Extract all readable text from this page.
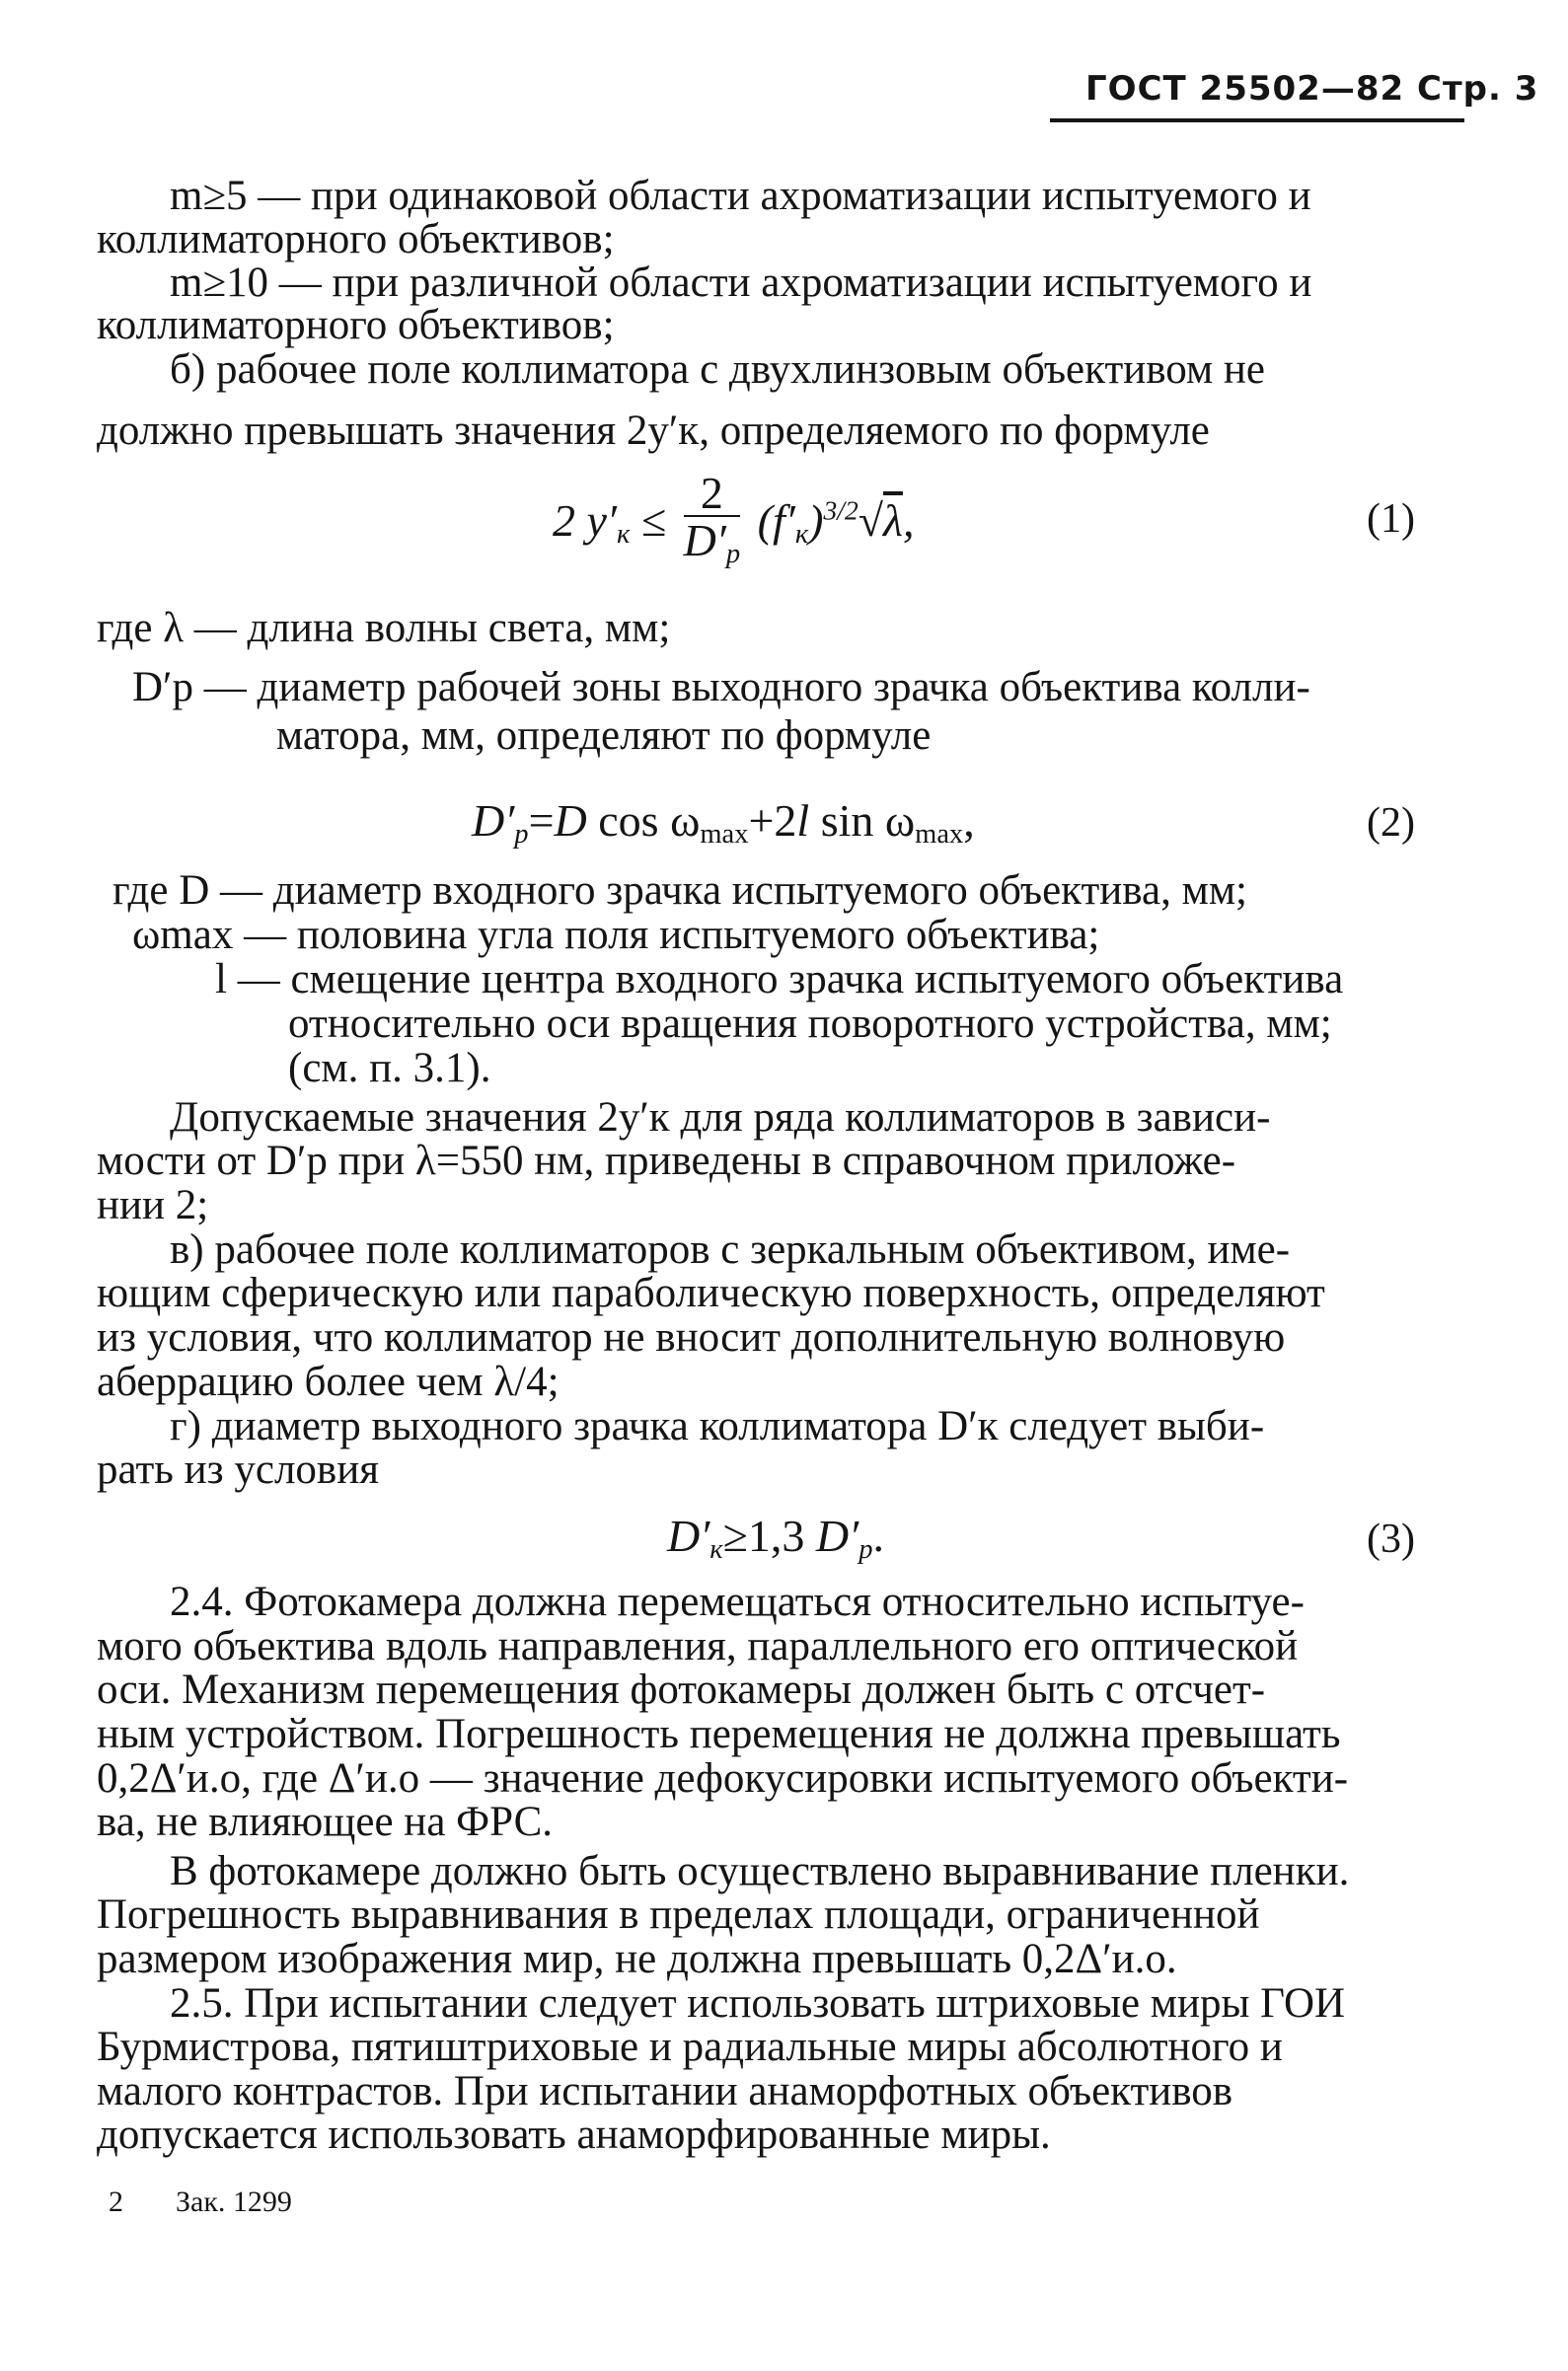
ГОСТ 25502—82 Стр. 3
m≥5 — при одинаковой области ахроматизации испытуемого и
коллиматорного объективов;
m≥10 — при различной области ахроматизации испытуемого и
коллиматорного объективов;
б) рабочее поле коллиматора с двухлинзовым объективом не
должно превышать значения 2y′к, определяемого по формуле
2 $y'_к \le \frac{2}{D'_р} (f'_к)^{3/2}√\lambda$,	(1)
где λ — длина волны света, мм;
D′р — диаметр рабочей зоны выходного зрачка объектива колли-
матора, мм, определяют по формуле
$D'_р=D$ $\cos \omega_{max}+2l$ $\sin \omega_{max}$,	(2)
где D — диаметр входного зрачка испытуемого объектива, мм;
ωmax — половина угла поля испытуемого объектива;
l — смещение центра входного зрачка испытуемого объектива
относительно оси вращения поворотного устройства, мм;
(см. п. 3.1).
Допускаемые значения 2y′к для ряда коллиматоров в зависи-
мости от D′р при λ=550 нм, приведены в справочном приложе-
нии 2;
в) рабочее поле коллиматоров с зеркальным объективом, име-
ющим сферическую или параболическую поверхность, определяют
из условия, что коллиматор не вносит дополнительную волновую
аберрацию более чем λ/4;
г) диаметр выходного зрачка коллиматора D′к следует выби-
рать из условия
$D'_к\ge 1,3$ $D'_р$.	(3)
2.4. Фотокамера должна перемещаться относительно испытуе-
мого объектива вдоль направления, параллельного его оптической
оси. Механизм перемещения фотокамеры должен быть с отсчет-
ным устройством. Погрешность перемещения не должна превышать
0,2Δ′и.о, где Δ′и.о — значение дефокусировки испытуемого объекти-
ва, не влияющее на ФРС.
В фотокамере должно быть осуществлено выравнивание пленки.
Погрешность выравнивания в пределах площади, ограниченной
размером изображения мир, не должна превышать 0,2Δ′и.о.
2.5. При испытании следует использовать штриховые миры ГОИ
Бурмистрова, пятиштриховые и радиальные миры абсолютного и
малого контрастов. При испытании анаморфотных объективов
допускается использовать анаморфированные миры.
2 Зак. 1299
